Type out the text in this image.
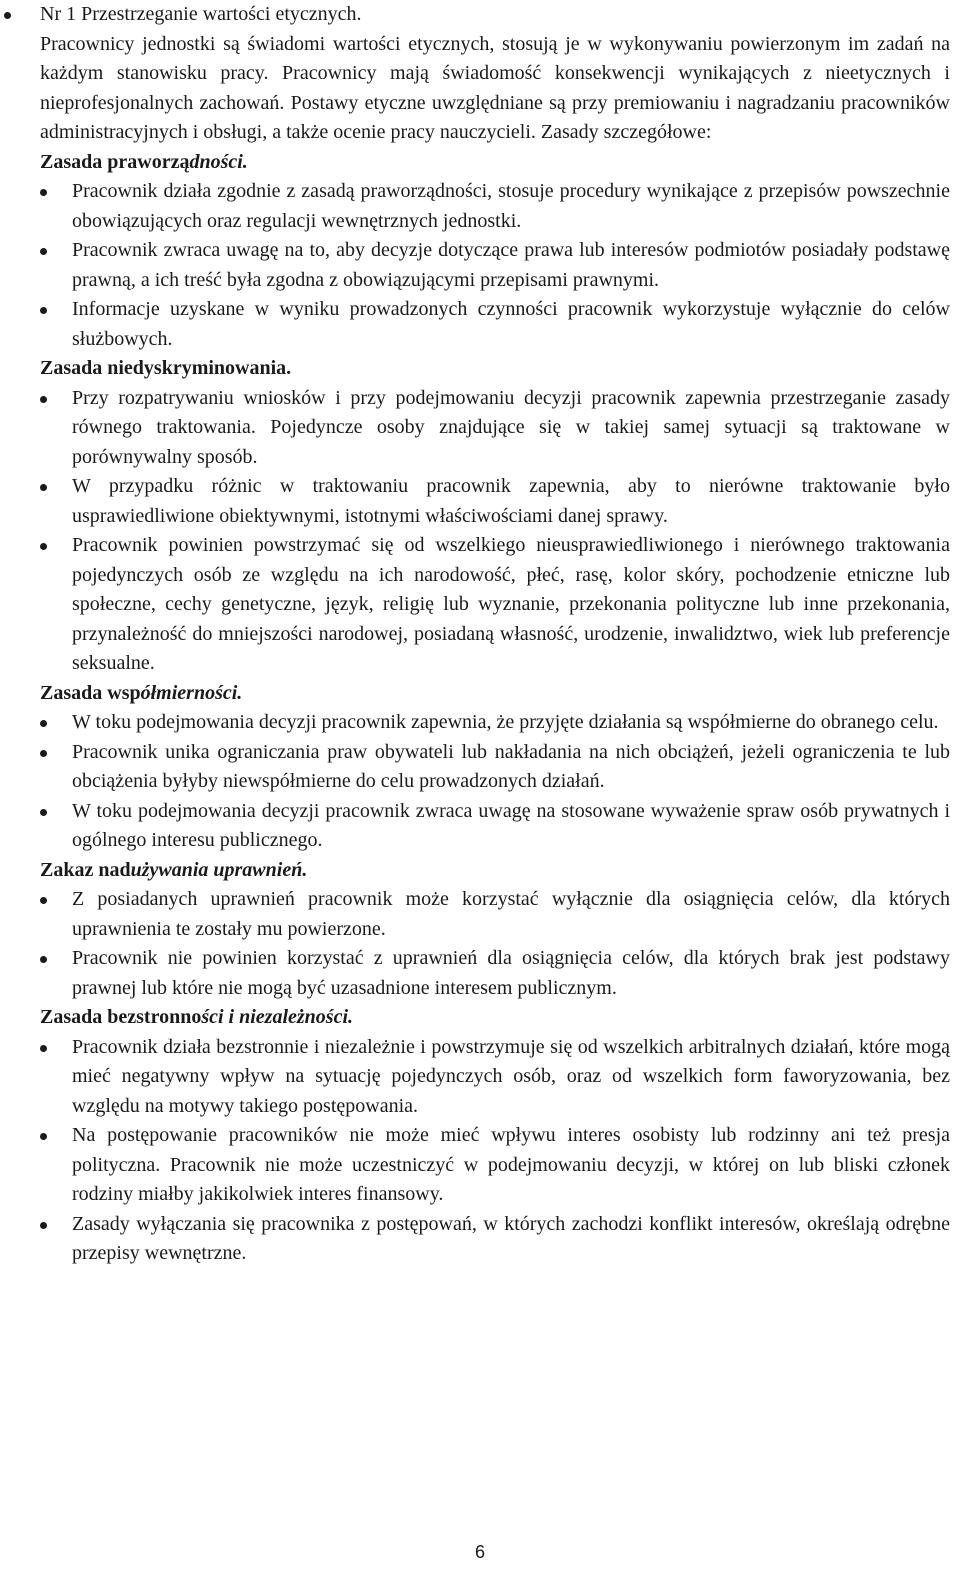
Nr 1 Przestrzeganie wartości etycznych.
Pracownicy jednostki są świadomi wartości etycznych, stosują je w wykonywaniu powierzonym im zadań na każdym stanowisku pracy. Pracownicy mają świadomość konsekwencji wynikających z nieetycznych i nieprofesjonalnych zachowań. Postawy etyczne uwzględniane są przy premiowaniu i nagradzaniu pracowników administracyjnych i obsługi, a także ocenie pracy nauczycieli. Zasady szczegółowe:
Zasada praworządności.
Pracownik działa zgodnie z zasadą praworządności, stosuje procedury wynikające z przepisów powszechnie obowiązujących oraz regulacji wewnętrznych jednostki.
Pracownik zwraca uwagę na to, aby decyzje dotyczące prawa lub interesów podmiotów posiadały podstawę prawną, a ich treść była zgodna z obowiązującymi przepisami prawnymi.
Informacje uzyskane w wyniku prowadzonych czynności pracownik wykorzystuje wyłącznie do celów służbowych.
Zasada niedyskryminowania.
Przy rozpatrywaniu wniosków i przy podejmowaniu decyzji pracownik zapewnia przestrzeganie zasady równego traktowania. Pojedyncze osoby znajdujące się w takiej samej sytuacji są traktowane w porównywalny sposób.
W przypadku różnic w traktowaniu pracownik zapewnia, aby to nierówne traktowanie było usprawiedliwione obiektywnymi, istotnymi właściwościami danej sprawy.
Pracownik powinien powstrzymać się od wszelkiego nieusprawiedliwionego i nierównego traktowania pojedynczych osób ze względu na ich narodowość, płeć, rasę, kolor skóry, pochodzenie etniczne lub społeczne, cechy genetyczne, język, religię lub wyznanie, przekonania polityczne lub inne przekonania, przynależność do mniejszości narodowej, posiadaną własność, urodzenie, inwalidztwo, wiek lub preferencje seksualne.
Zasada współmierności.
W toku podejmowania decyzji pracownik zapewnia, że przyjęte działania są współmierne do obranego celu.
Pracownik unika ograniczania praw obywateli lub nakładania na nich obciążeń, jeżeli ograniczenia te lub obciążenia byłyby niewspółmierne do celu prowadzonych działań.
W toku podejmowania decyzji pracownik zwraca uwagę na stosowane wyważenie spraw osób prywatnych i ogólnego interesu publicznego.
Zakaz nadużywania uprawnień.
Z posiadanych uprawnień pracownik może korzystać wyłącznie dla osiągnięcia celów, dla których uprawnienia te zostały mu powierzone.
Pracownik nie powinien korzystać z uprawnień dla osiągnięcia celów, dla których brak jest podstawy prawnej lub które nie mogą być uzasadnione interesem publicznym.
Zasada bezstronności i niezależności.
Pracownik działa bezstronnie i niezależnie i powstrzymuje się od wszelkich arbitralnych działań, które mogą mieć negatywny wpływ na sytuację pojedynczych osób, oraz od wszelkich form faworyzowania, bez względu na motywy takiego postępowania.
Na postępowanie pracowników nie może mieć wpływu interes osobisty lub rodzinny ani też presja polityczna. Pracownik nie może uczestniczyć w podejmowaniu decyzji, w której on lub bliski członek rodziny miałby jakikolwiek interes finansowy.
Zasady wyłączania się pracownika z postępowań, w których zachodzi konflikt interesów, określają odrębne przepisy wewnętrzne.
6
